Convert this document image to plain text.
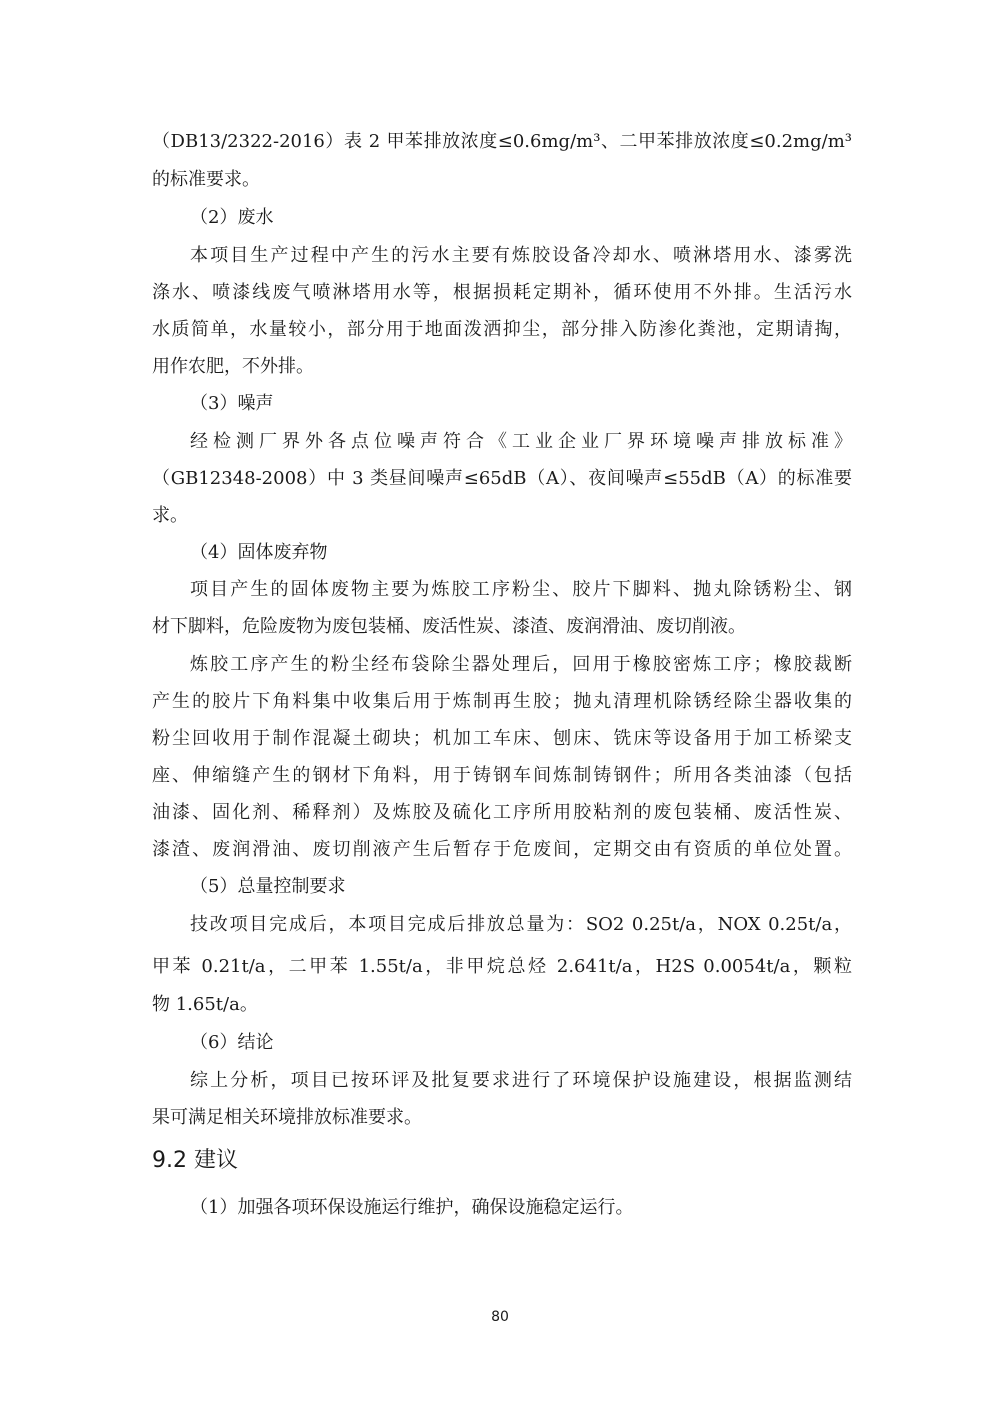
（DB13/2322-2016）表 2 甲苯排放浓度≤0.6mg/m³、二甲苯排放浓度≤0.2mg/m³
的标准要求。
（2）废水
本项目生产过程中产生的污水主要有炼胶设备冷却水、喷淋塔用水、漆雾洗
涤水、喷漆线废气喷淋塔用水等，根据损耗定期补，循环使用不外排。生活污水
水质简单，水量较小，部分用于地面泼洒抑尘，部分排入防渗化粪池，定期请掏，
用作农肥，不外排。
（3）噪声
经检测厂界外各点位噪声符合《工业企业厂界环境噪声排放标准》
（GB12348-2008）中 3 类昼间噪声≤65dB（A）、夜间噪声≤55dB（A）的标准要
求。
（4）固体废弃物
项目产生的固体废物主要为炼胶工序粉尘、胶片下脚料、抛丸除锈粉尘、钢
材下脚料，危险废物为废包装桶、废活性炭、漆渣、废润滑油、废切削液。
炼胶工序产生的粉尘经布袋除尘器处理后，回用于橡胶密炼工序；橡胶裁断
产生的胶片下角料集中收集后用于炼制再生胶；抛丸清理机除锈经除尘器收集的
粉尘回收用于制作混凝土砌块；机加工车床、刨床、铣床等设备用于加工桥梁支
座、伸缩缝产生的钢材下角料，用于铸钢车间炼制铸钢件；所用各类油漆（包括
油漆、固化剂、稀释剂）及炼胶及硫化工序所用胶粘剂的废包装桶、废活性炭、
漆渣、废润滑油、废切削液产生后暂存于危废间，定期交由有资质的单位处置。
（5）总量控制要求
技改项目完成后，本项目完成后排放总量为：SO2 0.25t/a，NOX 0.25t/a，
甲苯 0.21t/a，二甲苯 1.55t/a，非甲烷总烃 2.641t/a，H2S 0.0054t/a，颗粒
物 1.65t/a。
（6）结论
综上分析，项目已按环评及批复要求进行了环境保护设施建设，根据监测结
果可满足相关环境排放标准要求。
9.2 建议
（1）加强各项环保设施运行维护，确保设施稳定运行。
80
